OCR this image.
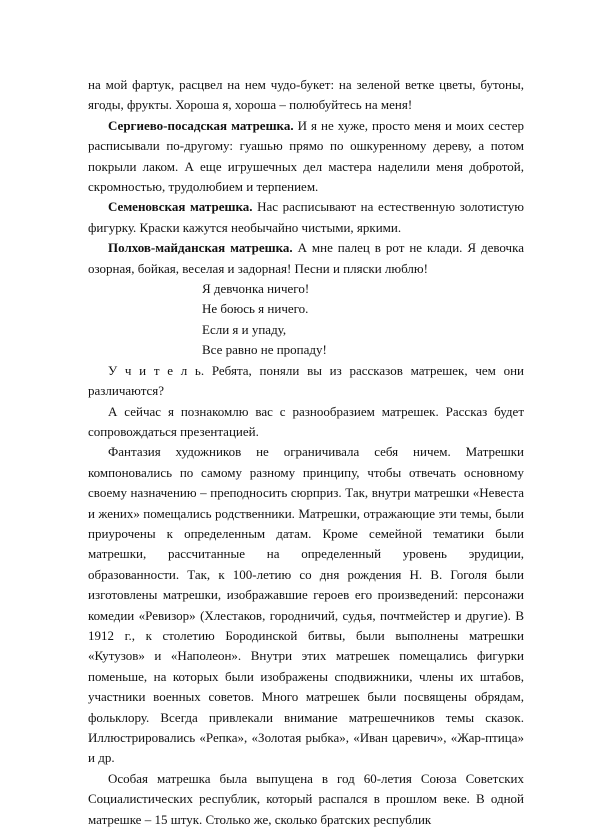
на мой фартук, расцвел на нем чудо-букет: на зеленой ветке цветы, бутоны, ягоды, фрукты. Хороша я, хороша – полюбуйтесь на меня!

Сергиево-посадская матрешка. И я не хуже, просто меня и моих сестер расписывали по-другому: гуашью прямо по ошкуренному дереву, а потом покрыли лаком. А еще игрушечных дел мастера наделили меня добротой, скромностью, трудолюбием и терпением.

Семеновская матрешка. Нас расписывают на естественную золотистую фигурку. Краски кажутся необычайно чистыми, яркими.

Полхов-майданская матрешка. А мне палец в рот не клади. Я девочка озорная, бойкая, веселая и задорная! Песни и пляски люблю!

Я девчонка ничего!
Не боюсь я ничего.
Если я и упаду,
Все равно не пропаду!

У ч и т е л ь. Ребята, поняли вы из рассказов матрешек, чем они различаются?

А сейчас я познакомлю вас с разнообразием матрешек. Рассказ будет сопровождаться презентацией.

Фантазия художников не ограничивала себя ничем. Матрешки компоновались по самому разному принципу, чтобы отвечать основному своему назначению – преподносить сюрприз. Так, внутри матрешки «Невеста и жених» помещались родственники. Матрешки, отражающие эти темы, были приурочены к определенным датам. Кроме семейной тематики были матрешки, рассчитанные на определенный уровень эрудиции, образованности. Так, к 100-летию со дня рождения Н. В. Гоголя были изготовлены матрешки, изображавшие героев его произведений: персонажи комедии «Ревизор» (Хлестаков, городничий, судья, почтмейстер и другие). В 1912 г., к столетию Бородинской битвы, были выполнены матрешки «Кутузов» и «Наполеон». Внутри этих матрешек помещались фигурки поменьше, на которых были изображены сподвижники, члены их штабов, участники военных советов. Много матрешек были посвящены обрядам, фольклору. Всегда привлекали внимание матрешечников темы сказок. Иллюстрировались «Репка», «Золотая рыбка», «Иван царевич», «Жар-птица» и др.

Особая матрешка была выпущена в год 60-летия Союза Советских Социалистических республик, который распался в прошлом веке. В одной матрешке – 15 штук. Столько же, сколько братских республик
